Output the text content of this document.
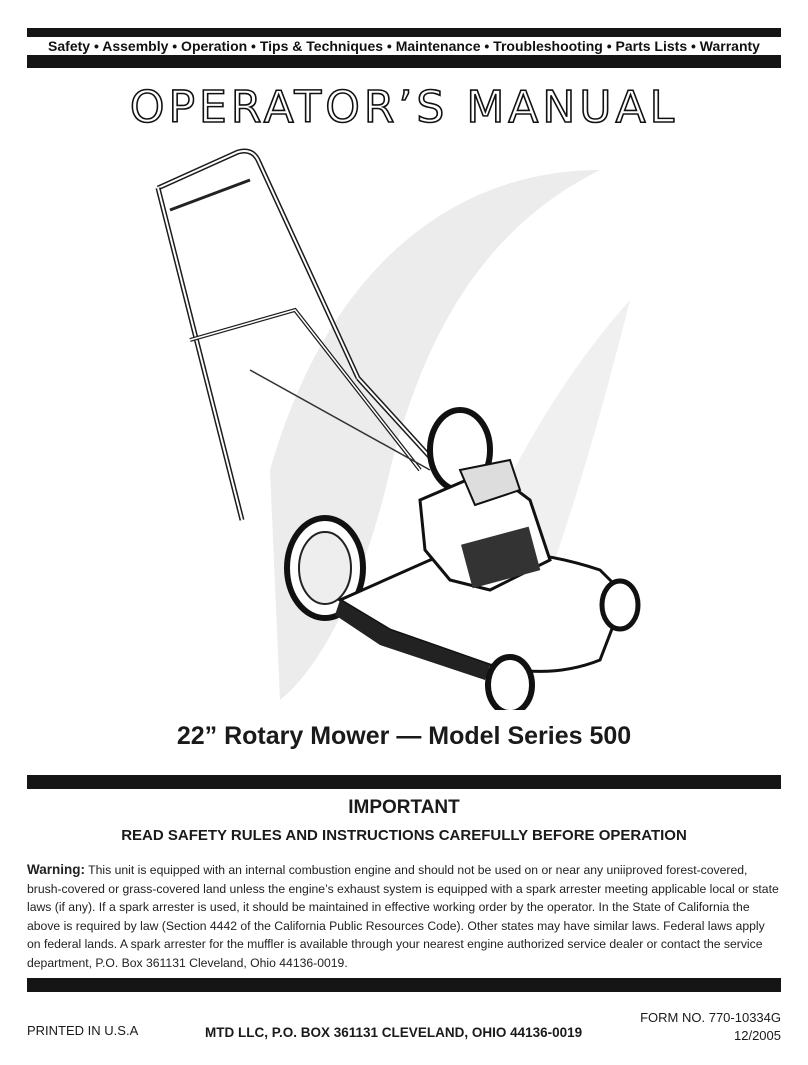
Safety • Assembly • Operation • Tips & Techniques • Maintenance • Troubleshooting • Parts Lists • Warranty
OPERATOR’S MANUAL
22” Rotary Mower — Model Series 500
IMPORTANT
READ SAFETY RULES AND INSTRUCTIONS CAREFULLY BEFORE OPERATION
Warning: This unit is equipped with an internal combustion engine and should not be used on or near any uniiproved forest-covered, brush-covered or grass-covered land unless the engine’s exhaust system is equipped with a spark arrester meeting applicable local or state laws (if any). If a spark arrester is used, it should be maintained in effective working order by the operator. In the State of California the above is required by law (Section 4442 of the California Public Resources Code). Other states may have similar laws. Federal laws apply on federal lands. A spark arrester for the muffler is available through your nearest engine authorized service dealer or contact the service department, P.O. Box 361131 Cleveland, Ohio 44136-0019.
PRINTED IN U.S.A	MTD LLC, P.O. BOX 361131 CLEVELAND, OHIO 44136-0019
FORM NO. 770-10334G
12/2005
